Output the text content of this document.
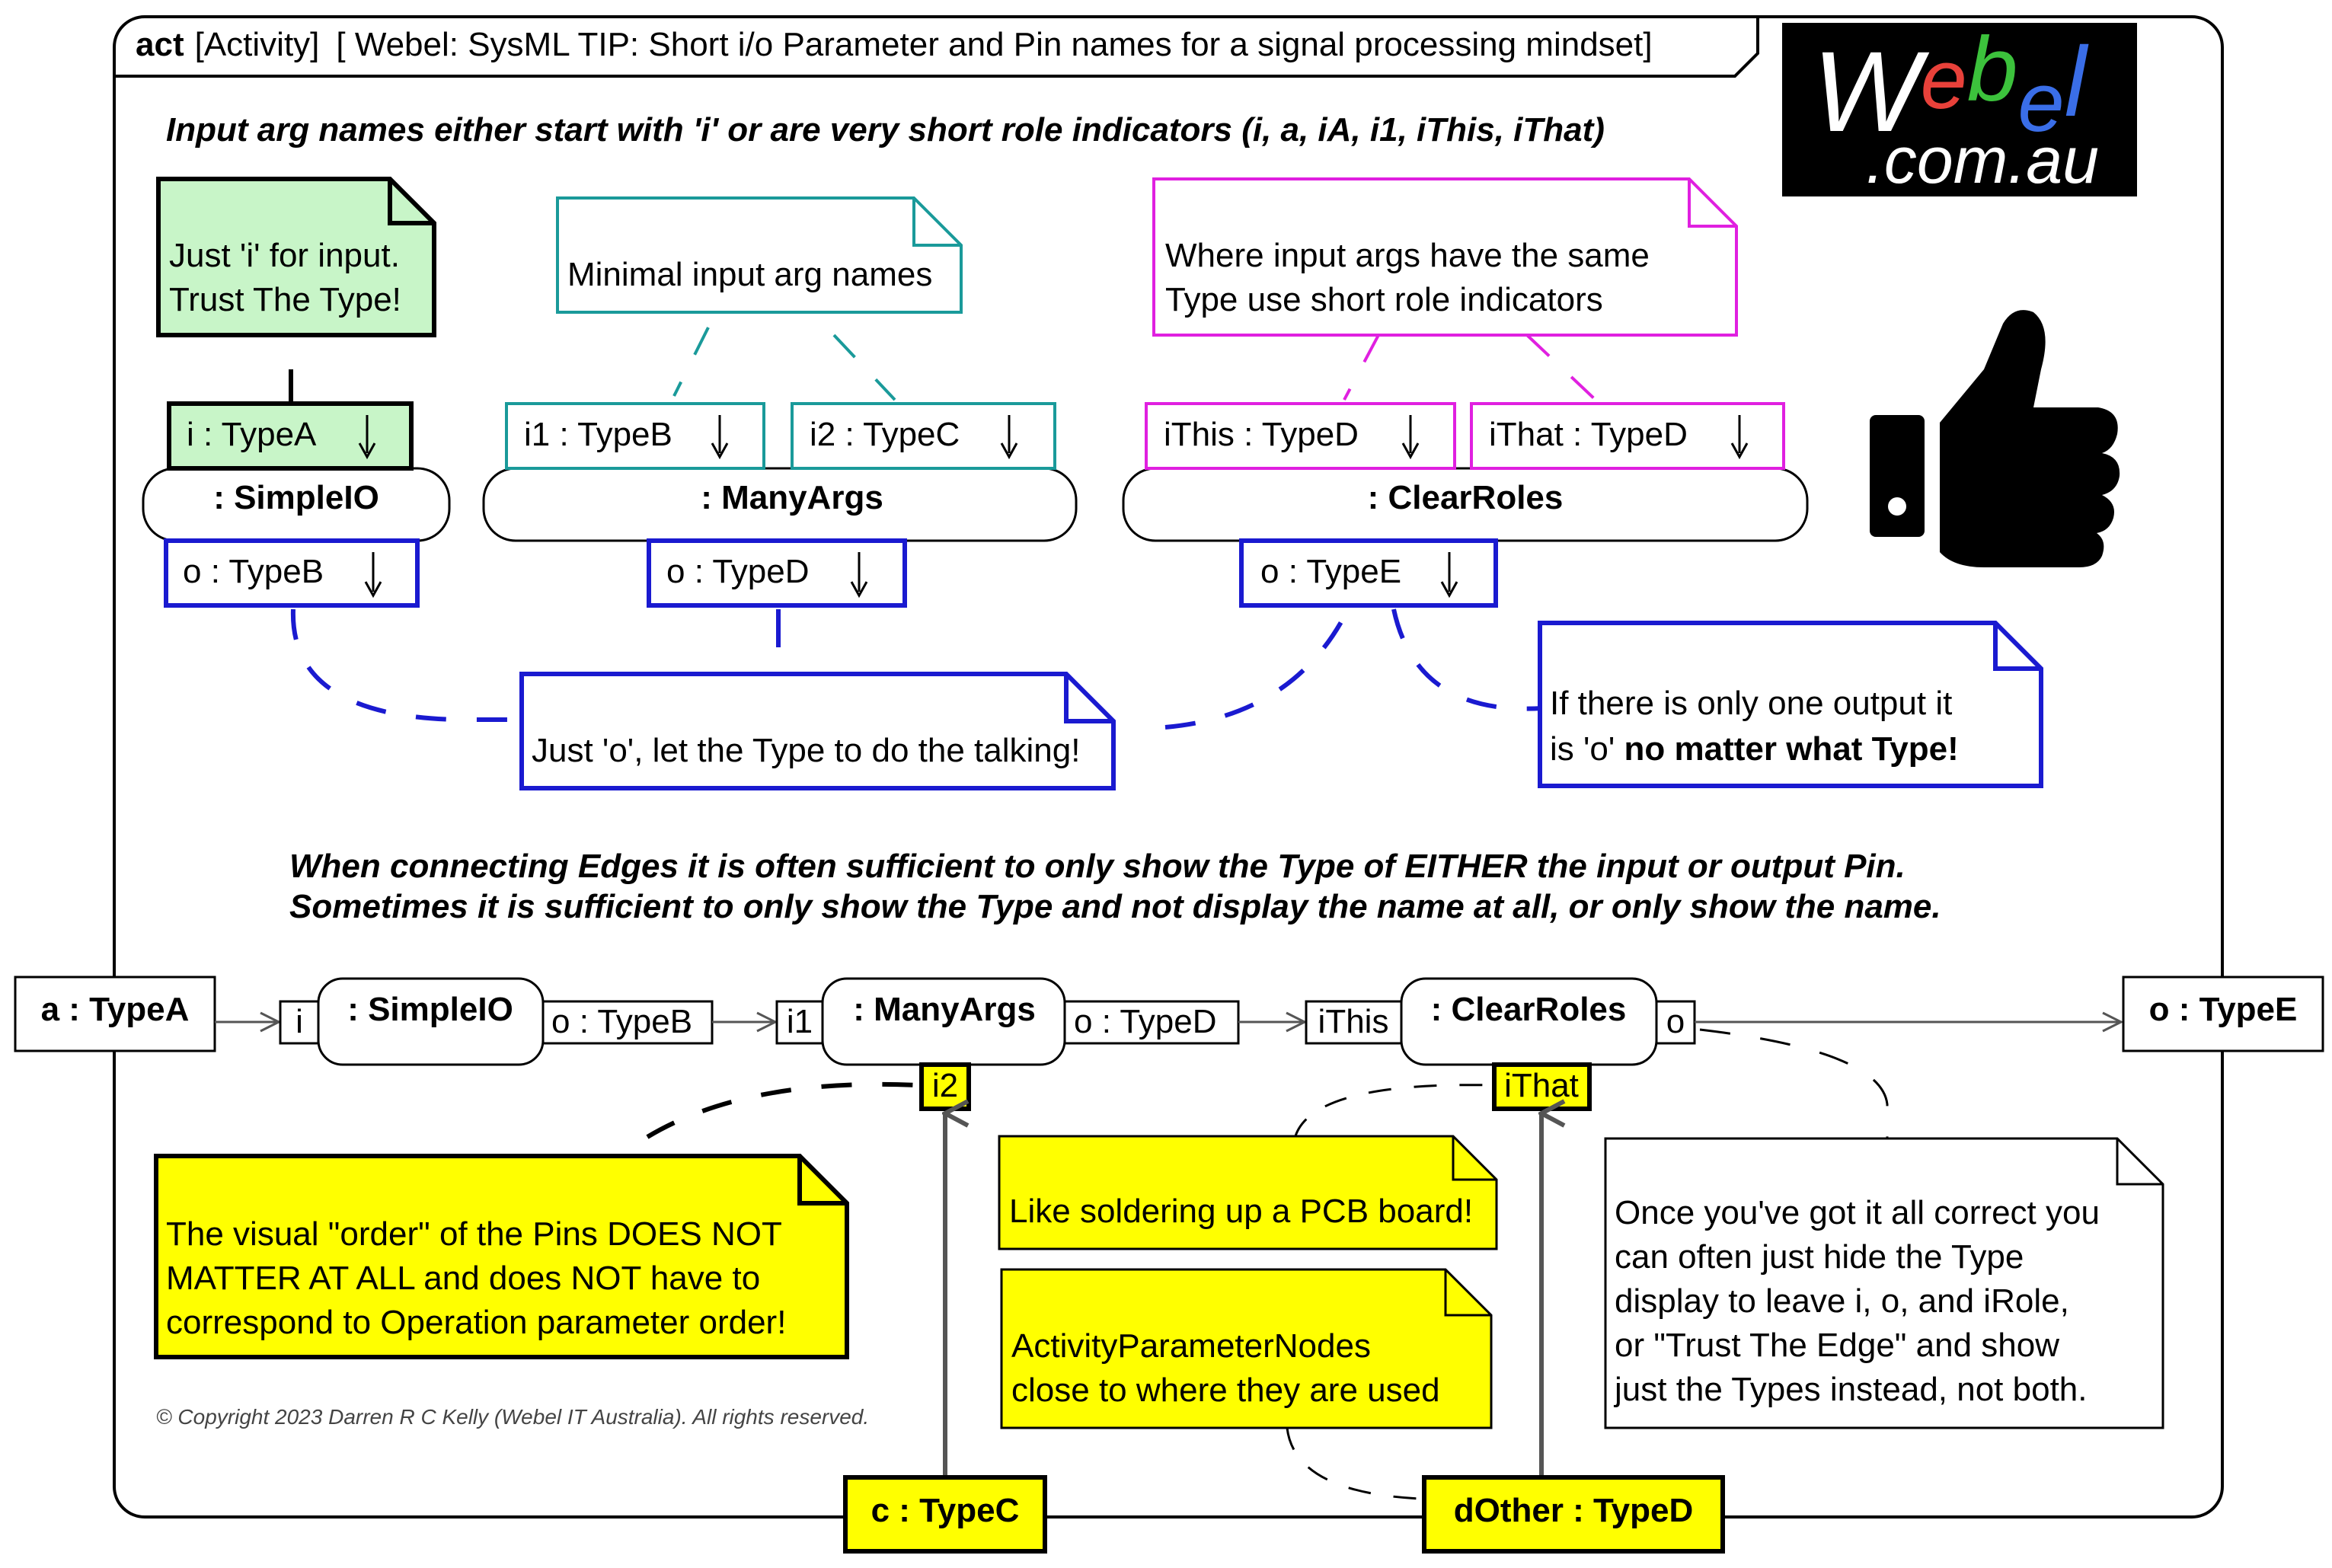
act [Activity] [ Webel: SysML TIP: Short i/o Parameter and Pin names for a signal processing mindset] $W^eb_el$
.com.au
Input arg names either start with 'i' or are very short role indicators (i, a, iA, i1, iThis, iThat)
Just 'i' for input. Trust The Type!
Minimal input arg names
Where input args have the same Type use short role indicators
: SimpleIO
i : TypeA
o : TypeB
: ManyArgs
i1 : TypeB	i2 : TypeC
o : TypeD
: ClearRoles
iThis : TypeD	iThat : TypeD
o : TypeE
Just 'o', let the Type to do the talking!
If there is only one output it
is 'o' no matter what Type!
When connecting Edges it is often sufficient to only show the Type of EITHER the input or output Pin.
Sometimes it is sufficient to only show the Type and not display the name at all, or only show the name.
a : TypeA	: SimpleIO
i	o : TypeB	: ManyArgs
i1	o : TypeD
i2
: ClearRoles
iThis	o
iThat
o : TypeE
c : TypeC	dOther : TypeD
The visual "order" of the Pins DOES NOT MATTER AT ALL and does NOT have to correspond to Operation parameter order!
Like soldering up a PCB board!
ActivityParameterNodes close to where they are used
Once you've got it all correct you can often just hide the Type display to leave i, o, and iRole, or "Trust The Edge" and show just the Types instead, not both.
© Copyright 2023 Darren R C Kelly (Webel IT Australia). All rights reserved.
